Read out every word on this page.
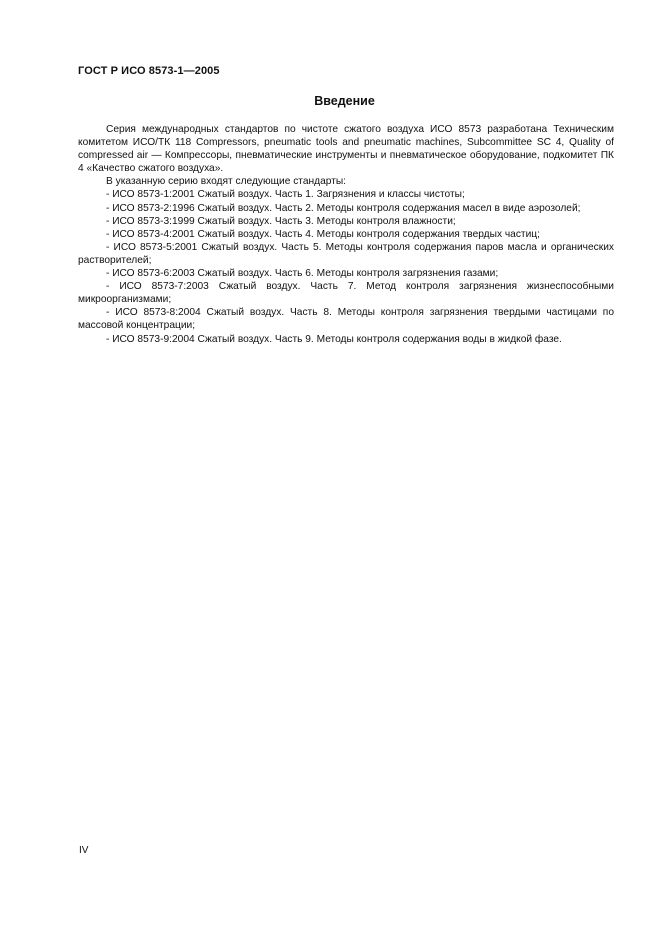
ГОСТ Р ИСО 8573-1—2005
Введение

Серия международных стандартов по чистоте сжатого воздуха ИСО 8573 разработана Техническим комитетом ИСО/ТК 118 Compressors, pneumatic tools and pneumatic machines, Subcommittee SC 4, Quality of compressed air — Компрессоры, пневматические инструменты и пневматическое оборудование, подкомитет ПК 4 «Качество сжатого воздуха».

В указанную серию входят следующие стандарты:

- ИСО 8573-1:2001 Сжатый воздух. Часть 1. Загрязнения и классы чистоты;

- ИСО 8573-2:1996 Сжатый воздух. Часть 2. Методы контроля содержания масел в виде аэрозолей;

- ИСО 8573-3:1999 Сжатый воздух. Часть 3. Методы контроля влажности;

- ИСО 8573-4:2001 Сжатый воздух. Часть 4. Методы контроля содержания твердых частиц;

- ИСО 8573-5:2001 Сжатый воздух. Часть 5. Методы контроля содержания паров масла и органических растворителей;

- ИСО 8573-6:2003 Сжатый воздух. Часть 6. Методы контроля загрязнения газами;

- ИСО 8573-7:2003 Сжатый воздух. Часть 7. Метод контроля загрязнения жизнеспособными микроорганизмами;

- ИСО 8573-8:2004 Сжатый воздух. Часть 8. Методы контроля загрязнения твердыми частицами по массовой концентрации;

- ИСО 8573-9:2004 Сжатый воздух. Часть 9. Методы контроля содержания воды в жидкой фазе.

IV
